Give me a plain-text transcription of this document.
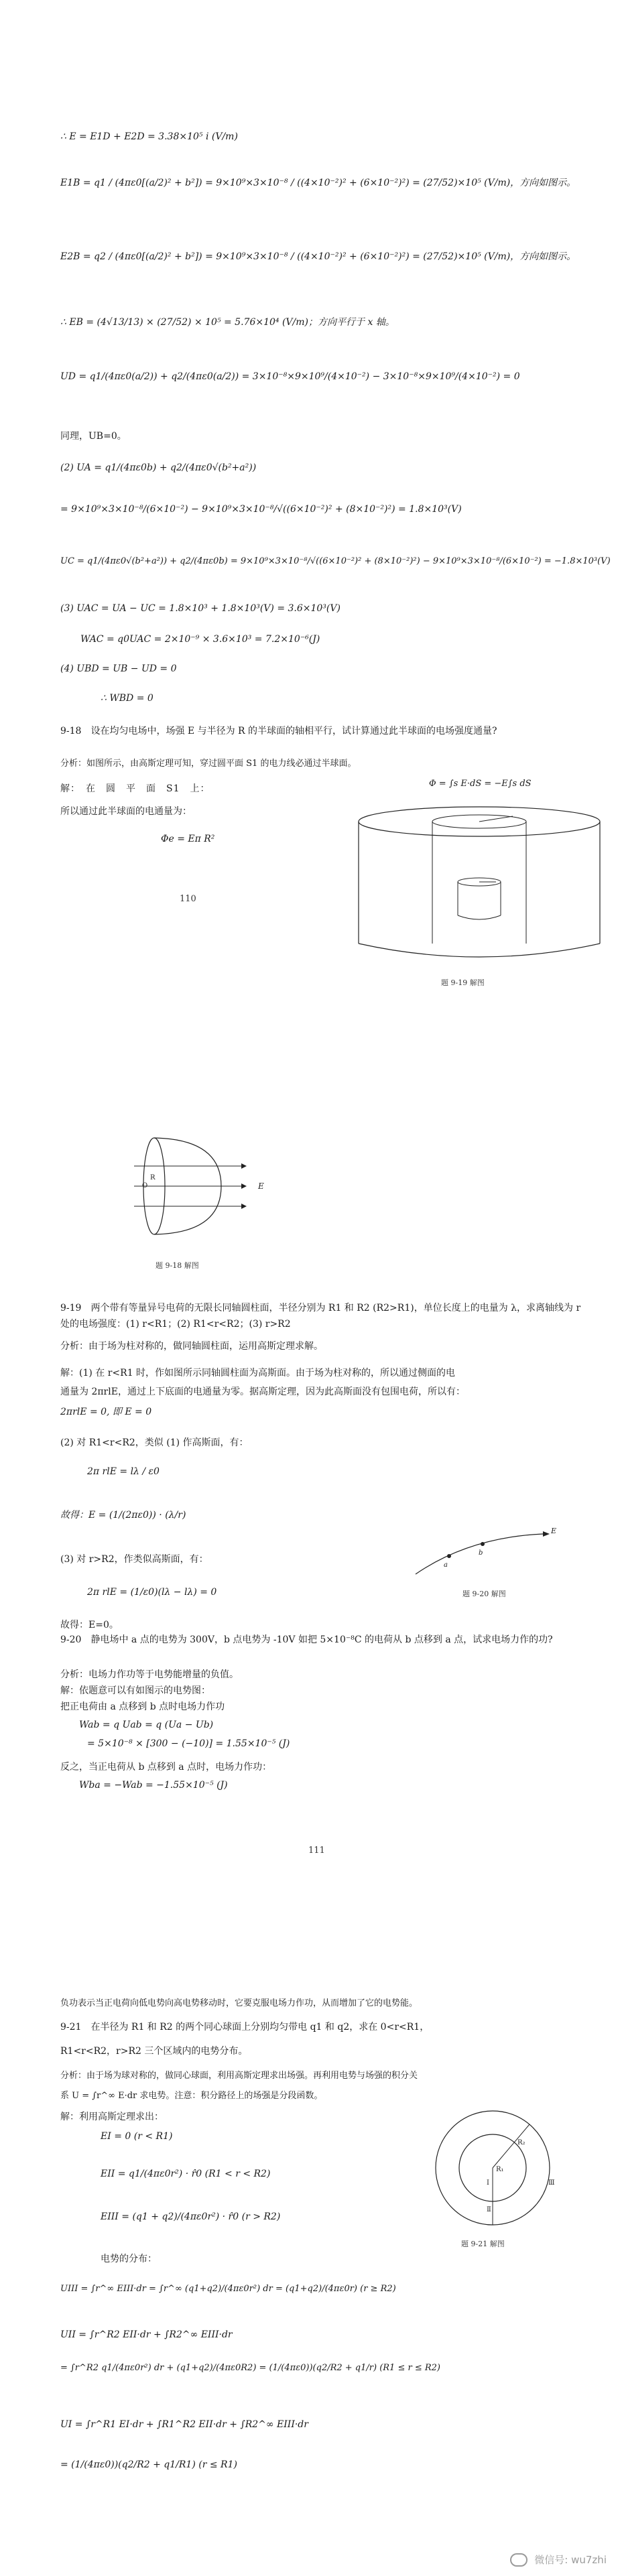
∴ E = E1D + E2D = 3.38×10⁵ i (V/m)
E1B = q1 / (4πε0[(a/2)² + b²]) = 9×10⁹×3×10⁻⁸ / ((4×10⁻²)² + (6×10⁻²)²) = (27/52)×10⁵ (V/m)，方向如图示。
E2B = q2 / (4πε0[(a/2)² + b²]) = 9×10⁹×3×10⁻⁸ / ((4×10⁻²)² + (6×10⁻²)²) = (27/52)×10⁵ (V/m)，方向如图示。
∴ EB = (4√13/13) × (27/52) × 10⁵ = 5.76×10⁴ (V/m)；方向平行于 x 轴。
UD = q1/(4πε0(a/2)) + q2/(4πε0(a/2)) = 3×10⁻⁸×9×10⁹/(4×10⁻²) − 3×10⁻⁸×9×10⁹/(4×10⁻²) = 0
同理，UB=0。
(2) UA = q1/(4πε0b) + q2/(4πε0√(b²+a²))
= 9×10⁹×3×10⁻⁸/(6×10⁻²) − 9×10⁹×3×10⁻⁸/√((6×10⁻²)² + (8×10⁻²)²) = 1.8×10³(V)
UC = q1/(4πε0√(b²+a²)) + q2/(4πε0b) = 9×10⁹×3×10⁻⁸/√((6×10⁻²)² + (8×10⁻²)²) − 9×10⁹×3×10⁻⁸/(6×10⁻²) = −1.8×10³(V)
(3) UAC = UA − UC = 1.8×10³ + 1.8×10³(V) = 3.6×10³(V)
WAC = q0UAC = 2×10⁻⁹ × 3.6×10³ = 7.2×10⁻⁶(J)
(4) UBD = UB − UD = 0
∴ WBD = 0
9-18　设在均匀电场中，场强 E 与半径为 R 的半球面的轴相平行，试计算通过此半球面的电场强度通量?
分析：如图所示，由高斯定理可知，穿过圆平面 S1 的电力线必通过半球面。
解：　在　圆　平　面　S1　上：	Φ = ∫s E·dS = −E∫s dS
所以通过此半球面的电通量为：
Φe = Eπ R²
110
题 9-19 解图
E
R
O
题 9-18 解图
9-19　两个带有等量异号电荷的无限长同轴圆柱面，半径分别为 R1 和 R2 (R2>R1)，单位长度上的电量为 λ，求离轴线为 r 处的电场强度：(1) r<R1；(2) R1<r<R2；(3) r>R2
分析：由于场为柱对称的，做同轴圆柱面，运用高斯定理求解。
解：(1) 在 r<R1 时，作如图所示同轴圆柱面为高斯面。由于场为柱对称的，所以通过侧面的电
通量为 2πrlE，通过上下底面的电通量为零。据高斯定理，因为此高斯面没有包围电荷，所以有：
2πrlE = 0, 即 E = 0
(2) 对 R1<r<R2，类似 (1) 作高斯面，有：
2π rlE = lλ / ε0
故得：E = (1/(2πε0)) · (λ/r)
(3) 对 r>R2，作类似高斯面，有：
2π rlE = (1/ε0)(lλ − lλ) = 0
故得：E=0。
a
b
E
题 9-20 解图
9-20　静电场中 a 点的电势为 300V，b 点电势为 -10V 如把 5×10⁻⁸C 的电荷从 b 点移到 a 点，试求电场力作的功?
分析：电场力作功等于电势能增量的负值。
解：依题意可以有如图示的电势图：
把正电荷由 a 点移到 b 点时电场力作功
Wab = q Uab = q (Ua − Ub)
= 5×10⁻⁸ × [300 − (−10)] = 1.55×10⁻⁵ (J)
反之，当正电荷从 b 点移到 a 点时，电场力作功：
Wba = −Wab = −1.55×10⁻⁵ (J)
111
负功表示当正电荷向低电势向高电势移动时，它要克服电场力作功，从而增加了它的电势能。
9-21　在半径为 R1 和 R2 的两个同心球面上分别均匀带电 q1 和 q2，求在 0<r<R1，
R1<r<R2，r>R2 三个区域内的电势分布。
分析：由于场为球对称的，做同心球面，利用高斯定理求出场强。再利用电势与场强的积分关
系 U = ∫r^∞ E·dr 求电势。注意：积分路径上的场强是分段函数。
解：利用高斯定理求出：
EI = 0 (r < R1)
EII = q1/(4πε0r²) · r̂0 (R1 < r < R2)
EIII = (q1 + q2)/(4πε0r²) · r̂0 (r > R2)
电势的分布：
UIII = ∫r^∞ EIII·dr = ∫r^∞ (q1+q2)/(4πε0r²) dr = (q1+q2)/(4πε0r) (r ≥ R2)
UII = ∫r^R2 EII·dr + ∫R2^∞ EIII·dr
= ∫r^R2 q1/(4πε0r²) dr + (q1+q2)/(4πε0R2) = (1/(4πε0))(q2/R2 + q1/r) (R1 ≤ r ≤ R2)
UI = ∫r^R1 EI·dr + ∫R1^R2 EII·dr + ∫R2^∞ EIII·dr
= (1/(4πε0))(q2/R2 + q1/R1) (r ≤ R1)
R₁
R₂
Ⅰ
Ⅱ
Ⅲ
题 9-21 解图
微信号: wu7zhi
